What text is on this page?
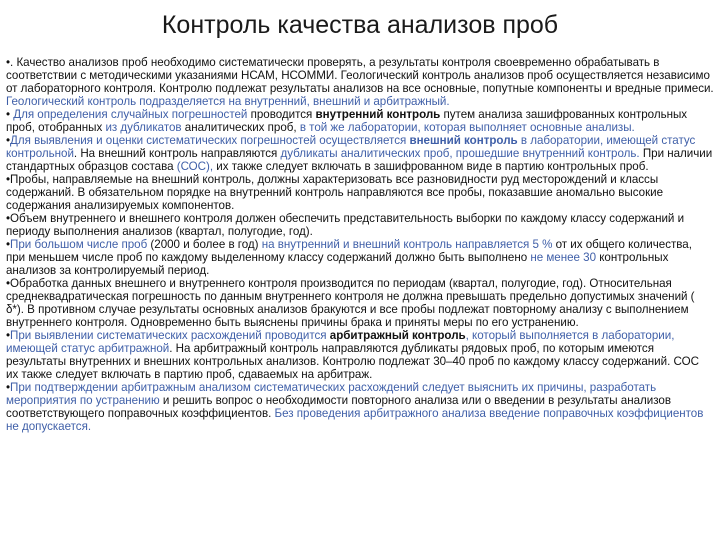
Контроль качества анализов проб

•. Качество анализов проб необходимо систематически проверять, а результаты контроля своевременно обрабатывать в соответствии с методическими указаниями НСАМ, НСОММИ. Геологический контроль анализов проб осуществляется независимо от лабораторного контроля. Контролю подлежат результаты анализов на все основные, попутные компоненты и вредные примеси. Геологический контроль подразделяется на внутренний, внешний и арбитражный.

• Для определения случайных погрешностей проводится внутренний контроль путем анализа зашифрованных контрольных проб, отобранных из дубликатов аналитических проб, в той же лаборатории, которая выполняет основные анализы.

•Для выявления и оценки систематических погрешностей осуществляется внешний контроль в лаборатории, имеющей статус контрольной. На внешний контроль направляются дубликаты аналитических проб, прошедшие внутренний контроль. При наличии стандартных образцов состава (СОС), их также следует включать в зашифрованном виде в партию контрольных проб.

•Пробы, направляемые на внешний контроль, должны характеризовать все разновидности руд месторождений и классы содержаний. В обязательном порядке на внутренний контроль направляются все пробы, показавшие аномально высокие содержания анализируемых компонентов.

•Объем внутреннего и внешнего контроля должен обеспечить представительность выборки по каждому классу содержаний и периоду выполнения анализов (квартал, полугодие, год).

•При большом числе проб (2000 и более в год) на внутренний и внешний контроль направляется 5 % от их общего количества, при меньшем числе проб по каждому выделенному классу содержаний должно быть выполнено не менее 30 контрольных анализов за контролируемый период.

•Обработка данных внешнего и внутреннего контроля производится по периодам (квартал, полугодие, год). Относительная среднеквадратическая погрешность по данным внутреннего контроля не должна превышать предельно допустимых значений ( δ*). В противном случае результаты основных анализов бракуются и все пробы подлежат повторному анализу с выполнением внутреннего контроля. Одновременно быть выяснены причины брака и приняты меры по его устранению.

•При выявлении систематических расхождений проводится арбитражный контроль, который выполняется в лаборатории, имеющей статус арбитражной. На арбитражный контроль направляются дубликаты рядовых проб, по которым имеются результаты внутренних и внешних контрольных анализов. Контролю подлежат 30–40 проб по каждому классу содержаний. СОС их также следует включать в партию проб, сдаваемых на арбитраж.

•При подтверждении арбитражным анализом систематических расхождений следует выяснить их причины, разработать мероприятия по устранению и решить вопрос о необходимости повторного анализа или о введении в результаты анализов соответствующего поправочных коэффициентов. Без проведения арбитражного анализа введение поправочных коэффициентов не допускается.
